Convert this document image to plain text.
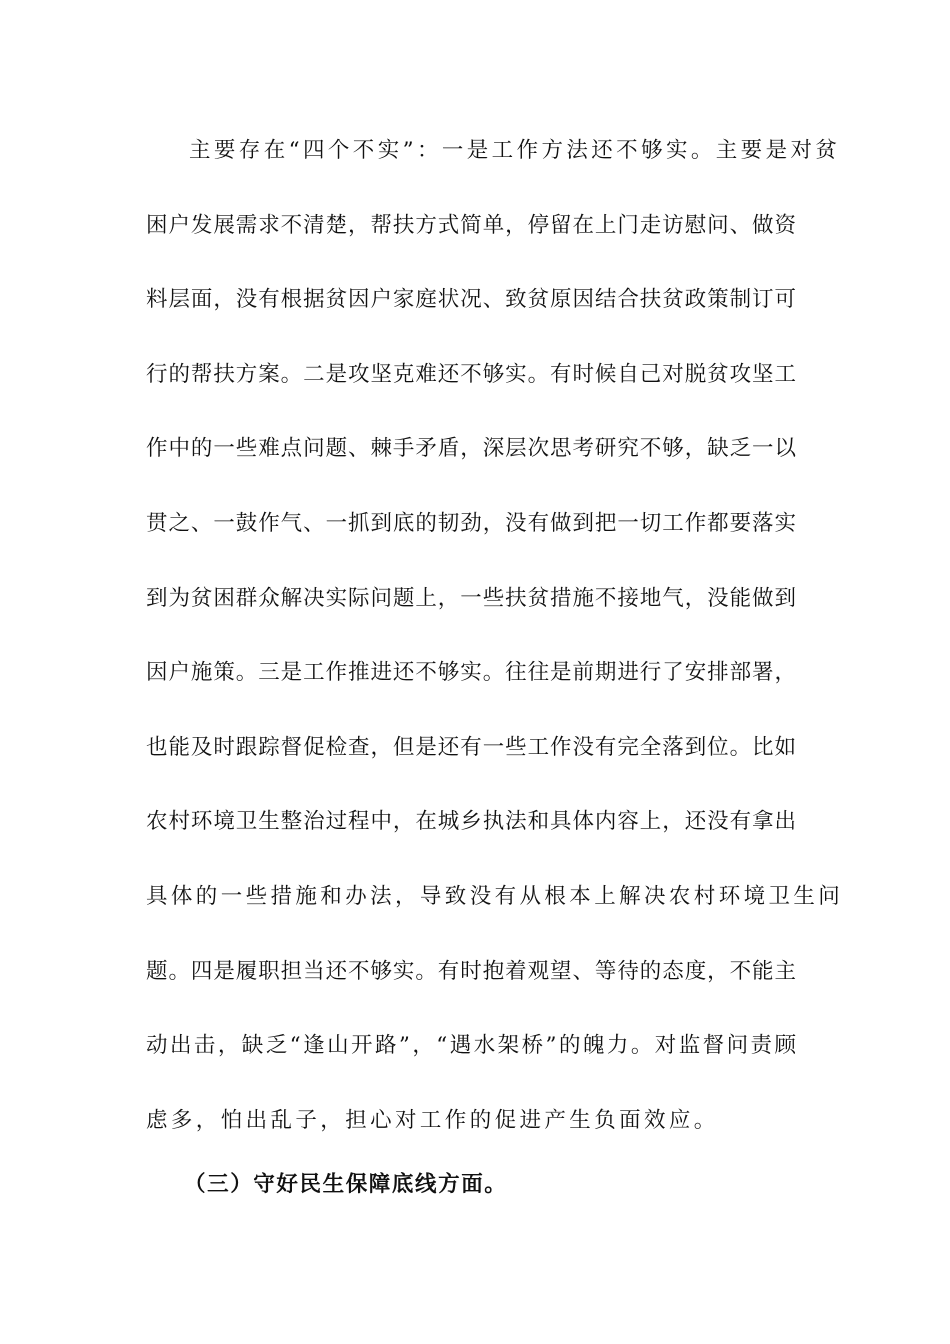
主要存在“四个不实”：一是工作方法还不够实。主要是对贫
困户发展需求不清楚，帮扶方式简单，停留在上门走访慰问、做资
料层面，没有根据贫因户家庭状况、致贫原因结合扶贫政策制订可
行的帮扶方案。二是攻坚克难还不够实。有时候自己对脱贫攻坚工
作中的一些难点问题、棘手矛盾，深层次思考研究不够，缺乏一以
贯之、一鼓作气、一抓到底的韧劲，没有做到把一切工作都要落实
到为贫困群众解决实际问题上，一些扶贫措施不接地气，没能做到
因户施策。三是工作推进还不够实。往往是前期进行了安排部署，
也能及时跟踪督促检查，但是还有一些工作没有完全落到位。比如
农村环境卫生整治过程中，在城乡执法和具体内容上，还没有拿出
具体的一些措施和办法，导致没有从根本上解决农村环境卫生问
题。四是履职担当还不够实。有时抱着观望、等待的态度，不能主
动出击，缺乏“逢山开路”，“遇水架桥”的魄力。对监督问责顾
虑多，怕出乱子，担心对工作的促进产生负面效应。
（三）守好民生保障底线方面。
